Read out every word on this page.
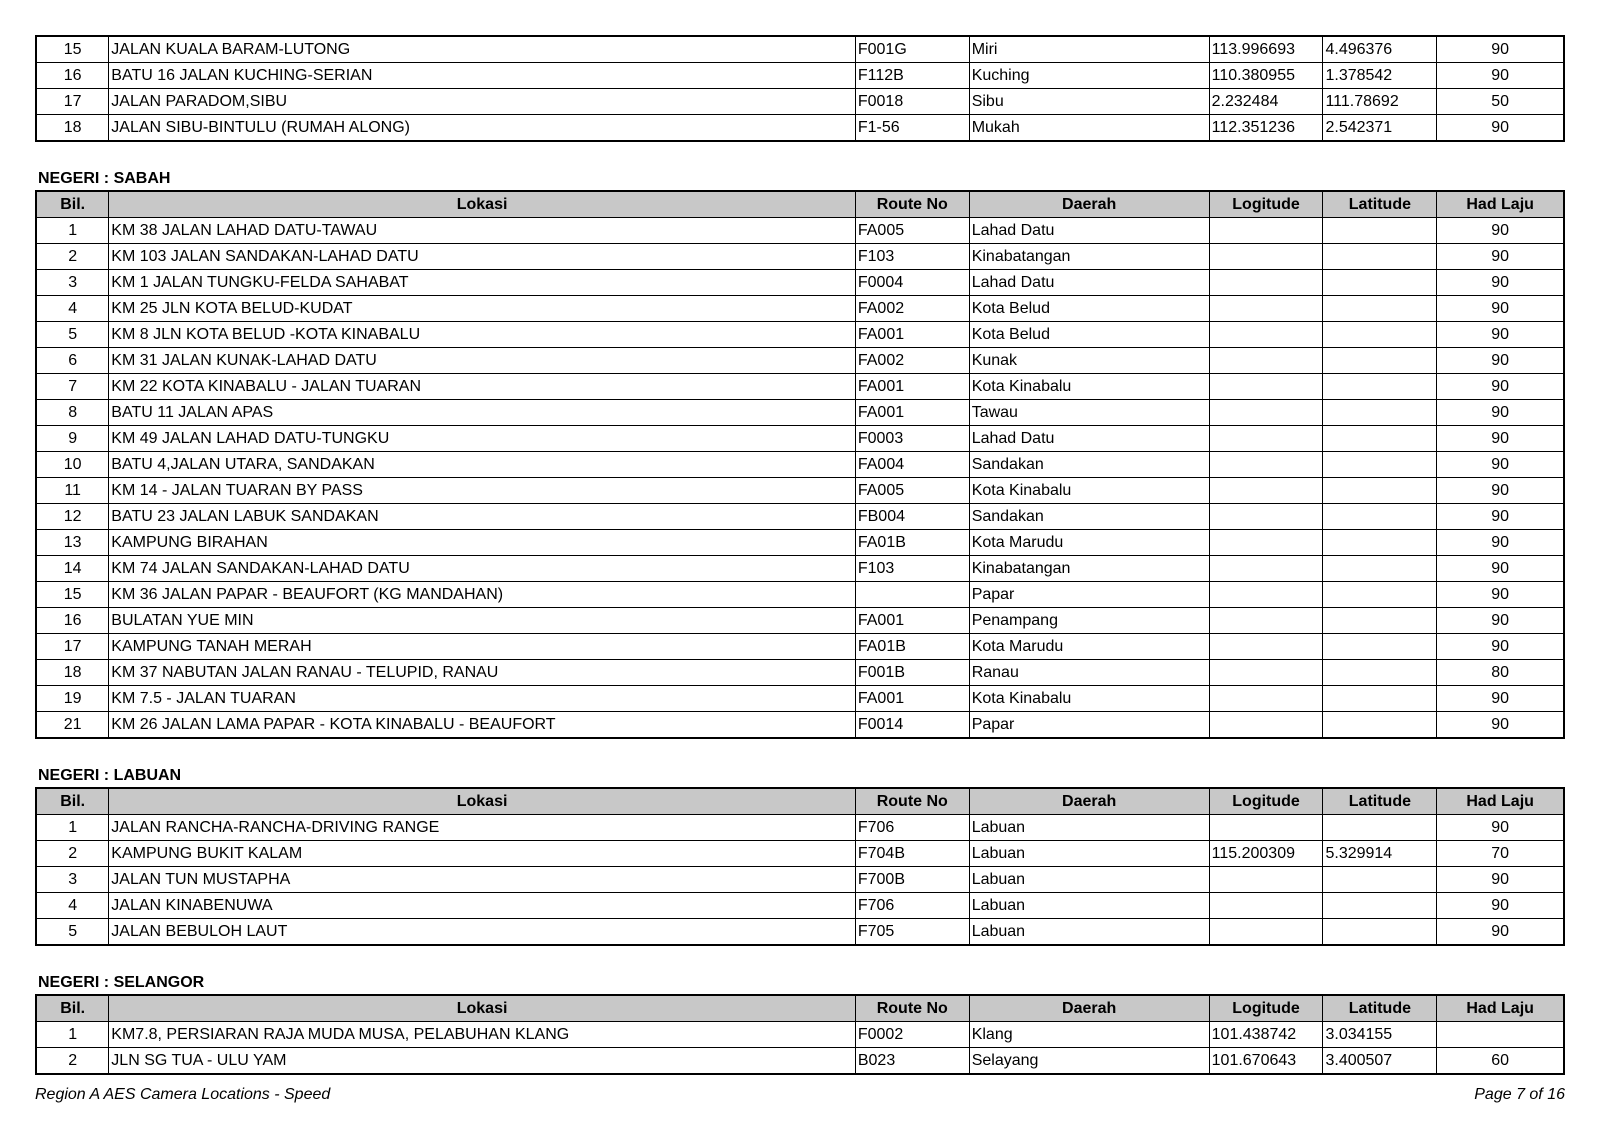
15	JALAN KUALA BARAM-LUTONG	F001G	Miri	113.996693	4.496376	90
16	BATU 16 JALAN KUCHING-SERIAN	F112B	Kuching	110.380955	1.378542	90
17	JALAN PARADOM,SIBU	F0018	Sibu	2.232484	111.78692	50
18	JALAN SIBU-BINTULU (RUMAH ALONG)	F1-56	Mukah	112.351236	2.542371	90
NEGERI : SABAH
Bil.	Lokasi	Route No	Daerah	Logitude	Latitude	Had Laju
1	KM 38 JALAN LAHAD DATU-TAWAU	FA005	Lahad Datu			90
2	KM 103 JALAN SANDAKAN-LAHAD DATU	F103	Kinabatangan			90
3	KM 1 JALAN TUNGKU-FELDA SAHABAT	F0004	Lahad Datu			90
4	KM 25 JLN KOTA BELUD-KUDAT	FA002	Kota Belud			90
5	KM 8 JLN KOTA BELUD -KOTA KINABALU	FA001	Kota Belud			90
6	KM 31 JALAN KUNAK-LAHAD DATU	FA002	Kunak			90
7	KM 22 KOTA KINABALU - JALAN TUARAN	FA001	Kota Kinabalu			90
8	BATU 11 JALAN APAS	FA001	Tawau			90
9	KM 49 JALAN LAHAD DATU-TUNGKU	F0003	Lahad Datu			90
10	BATU 4,JALAN UTARA, SANDAKAN	FA004	Sandakan			90
11	KM 14 - JALAN TUARAN BY PASS	FA005	Kota Kinabalu			90
12	BATU 23 JALAN LABUK SANDAKAN	FB004	Sandakan			90
13	KAMPUNG BIRAHAN	FA01B	Kota Marudu			90
14	KM 74 JALAN SANDAKAN-LAHAD DATU	F103	Kinabatangan			90
15	KM 36 JALAN PAPAR - BEAUFORT (KG MANDAHAN)		Papar			90
16	BULATAN YUE MIN	FA001	Penampang			90
17	KAMPUNG TANAH MERAH	FA01B	Kota Marudu			90
18	KM 37 NABUTAN JALAN RANAU - TELUPID, RANAU	F001B	Ranau			80
19	KM 7.5 - JALAN TUARAN	FA001	Kota Kinabalu			90
21	KM 26 JALAN LAMA PAPAR - KOTA KINABALU - BEAUFORT	F0014	Papar			90
NEGERI : LABUAN
Bil.	Lokasi	Route No	Daerah	Logitude	Latitude	Had Laju
1	JALAN RANCHA-RANCHA-DRIVING RANGE	F706	Labuan			90
2	KAMPUNG BUKIT KALAM	F704B	Labuan	115.200309	5.329914	70
3	JALAN TUN MUSTAPHA	F700B	Labuan			90
4	JALAN KINABENUWA	F706	Labuan			90
5	JALAN BEBULOH LAUT	F705	Labuan			90
NEGERI : SELANGOR
Bil.	Lokasi	Route No	Daerah	Logitude	Latitude	Had Laju
1	KM7.8, PERSIARAN RAJA MUDA MUSA, PELABUHAN KLANG	F0002	Klang	101.438742	3.034155	
2	JLN SG TUA - ULU YAM	B023	Selayang	101.670643	3.400507	60
Region A AES Camera Locations - Speed	Page 7 of 16
